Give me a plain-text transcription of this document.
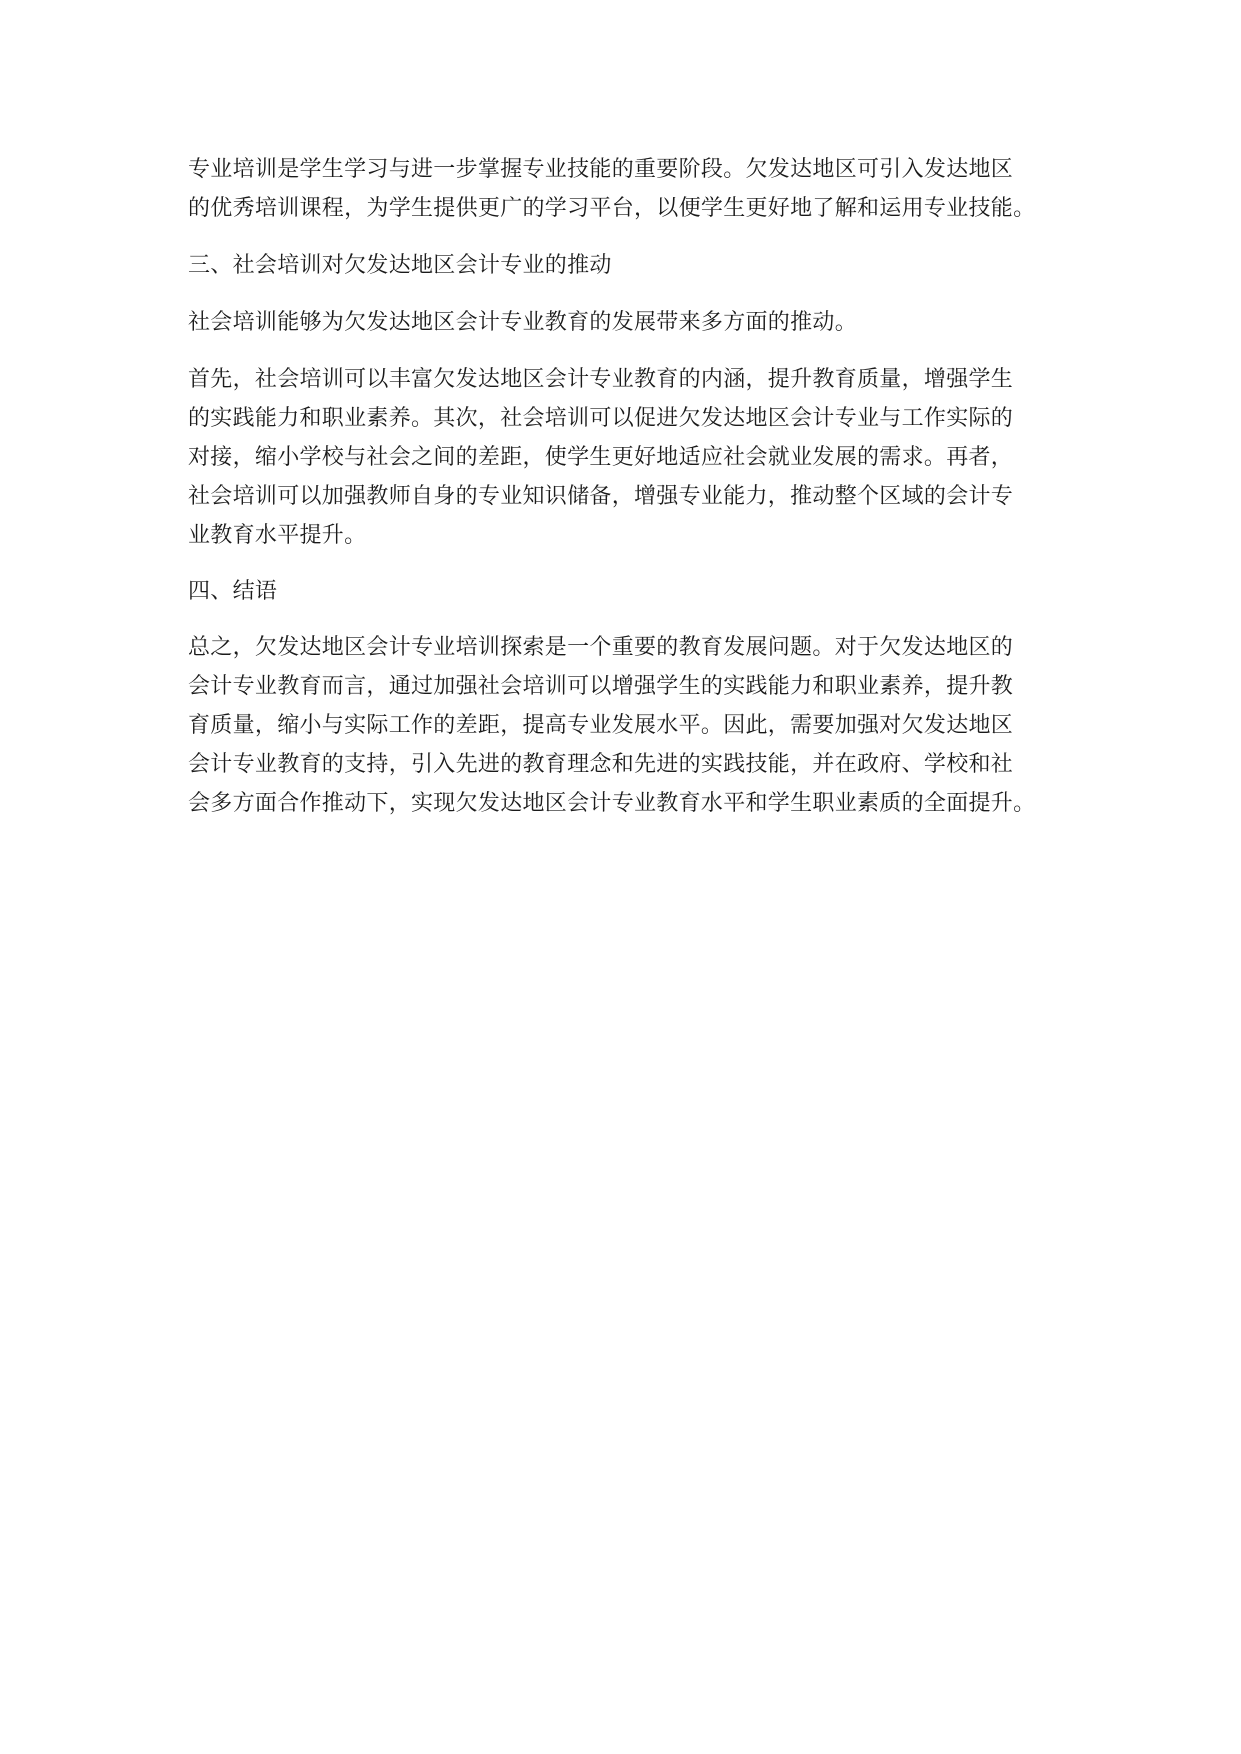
专业培训是学生学习与进一步掌握专业技能的重要阶段。欠发达地区可引入发达地区
的优秀培训课程，为学生提供更广的学习平台，以便学生更好地了解和运用专业技能。

三、社会培训对欠发达地区会计专业的推动

社会培训能够为欠发达地区会计专业教育的发展带来多方面的推动。

首先，社会培训可以丰富欠发达地区会计专业教育的内涵，提升教育质量，增强学生
的实践能力和职业素养。其次，社会培训可以促进欠发达地区会计专业与工作实际的
对接，缩小学校与社会之间的差距，使学生更好地适应社会就业发展的需求。再者，
社会培训可以加强教师自身的专业知识储备，增强专业能力，推动整个区域的会计专
业教育水平提升。

四、结语

总之，欠发达地区会计专业培训探索是一个重要的教育发展问题。对于欠发达地区的
会计专业教育而言，通过加强社会培训可以增强学生的实践能力和职业素养，提升教
育质量，缩小与实际工作的差距，提高专业发展水平。因此，需要加强对欠发达地区
会计专业教育的支持，引入先进的教育理念和先进的实践技能，并在政府、学校和社
会多方面合作推动下，实现欠发达地区会计专业教育水平和学生职业素质的全面提升。
